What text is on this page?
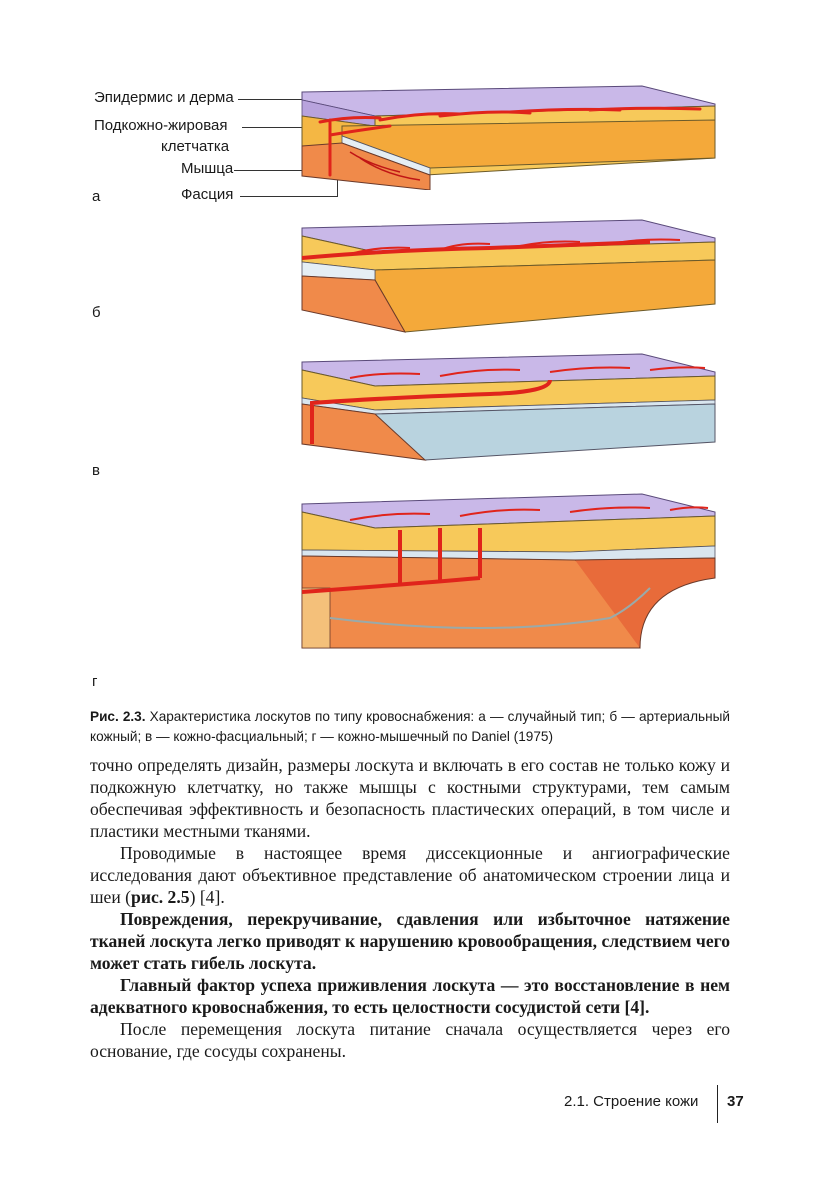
Эпидермис и дерма
Подкожно-жировая
клетчатка
Мышца
Фасция
а
б
в
г
Рис. 2.3. Характеристика лоскутов по типу кровоснабжения: а — случайный тип; б — артериальный кожный; в — кожно-фасциальный; г — кожно-мышечный по Daniel (1975)

точно определять дизайн, размеры лоскута и включать в его состав не только кожу и подкожную клетчатку, но также мышцы с костными структурами, тем самым обеспечивая эффективность и безопасность пластических операций, в том числе и пластики местными тканями.

Проводимые в настоящее время диссекционные и ангиографические исследования дают объективное представление об анатомическом строении лица и шеи (рис. 2.5) [4].

Повреждения, перекручивание, сдавления или избыточное натяжение тканей лоскута легко приводят к нарушению кровообращения, следствием чего может стать гибель лоскута.

Главный фактор успеха приживления лоскута — это восстановление в нем адекватного кровоснабжения, то есть целостности сосудистой сети [4].

После перемещения лоскута питание сначала осуществляется через его основание, где сосуды сохранены.

2.1. Строение кожи 37
